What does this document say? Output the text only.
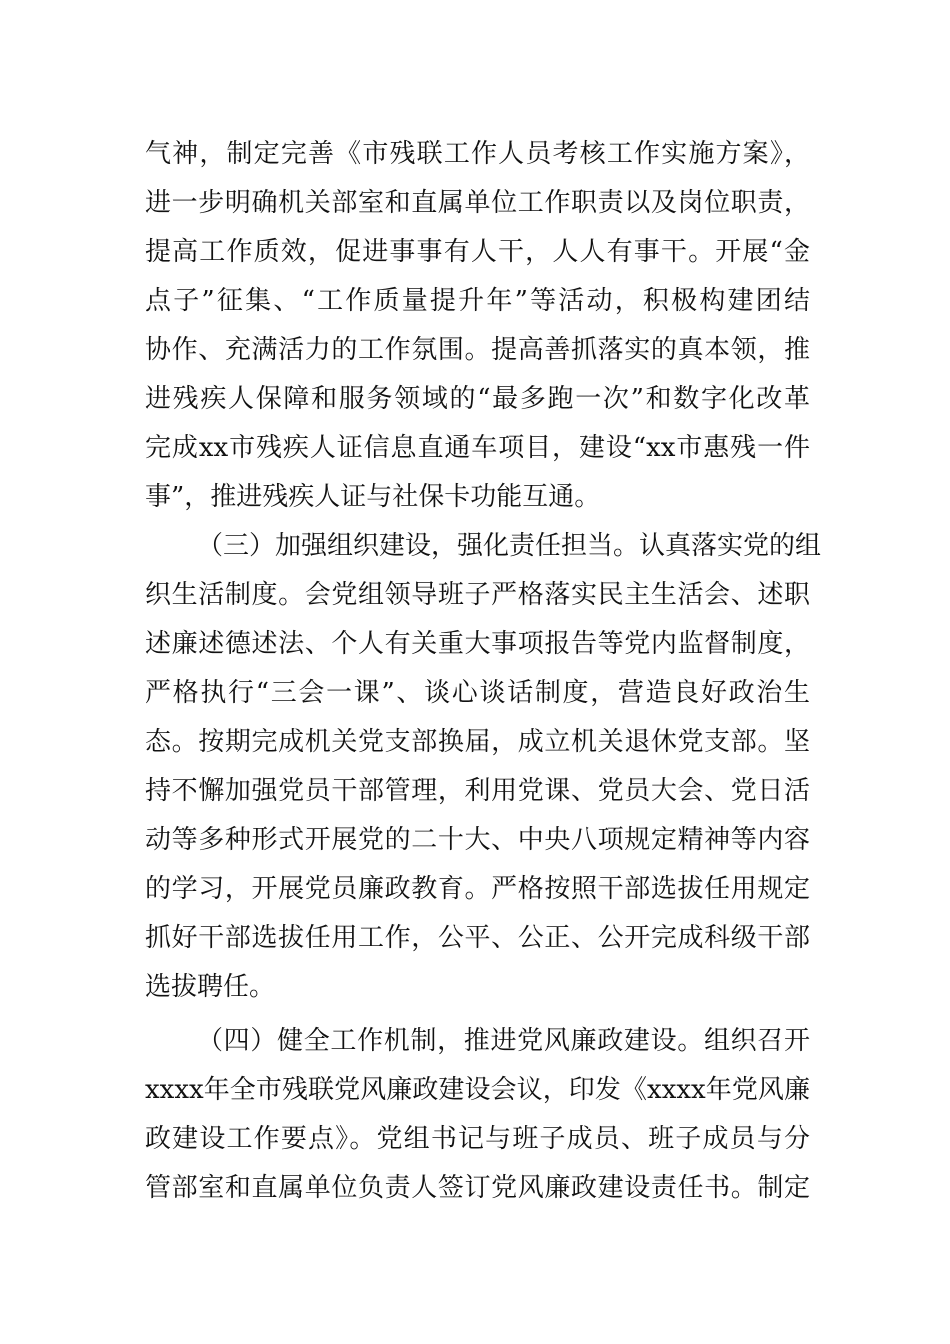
气神，制定完善《市残联工作人员考核工作实施方案》，
进一步明确机关部室和直属单位工作职责以及岗位职责，
提高工作质效，促进事事有人干，人人有事干。开展“金
点子”征集、“工作质量提升年”等活动，积极构建团结
协作、充满活力的工作氛围。提高善抓落实的真本领，推
进残疾人保障和服务领域的“最多跑一次”和数字化改革
完成xx市残疾人证信息直通车项目，建设“xx市惠残一件
事”，推进残疾人证与社保卡功能互通。
（三）加强组织建设，强化责任担当。认真落实党的组
织生活制度。会党组领导班子严格落实民主生活会、述职
述廉述德述法、个人有关重大事项报告等党内监督制度，
严格执行“三会一课”、谈心谈话制度，营造良好政治生
态。按期完成机关党支部换届，成立机关退休党支部。坚
持不懈加强党员干部管理，利用党课、党员大会、党日活
动等多种形式开展党的二十大、中央八项规定精神等内容
的学习，开展党员廉政教育。严格按照干部选拔任用规定
抓好干部选拔任用工作，公平、公正、公开完成科级干部
选拔聘任。
（四）健全工作机制，推进党风廉政建设。组织召开
xxxx年全市残联党风廉政建设会议，印发《xxxx年党风廉
政建设工作要点》。党组书记与班子成员、班子成员与分
管部室和直属单位负责人签订党风廉政建设责任书。制定
